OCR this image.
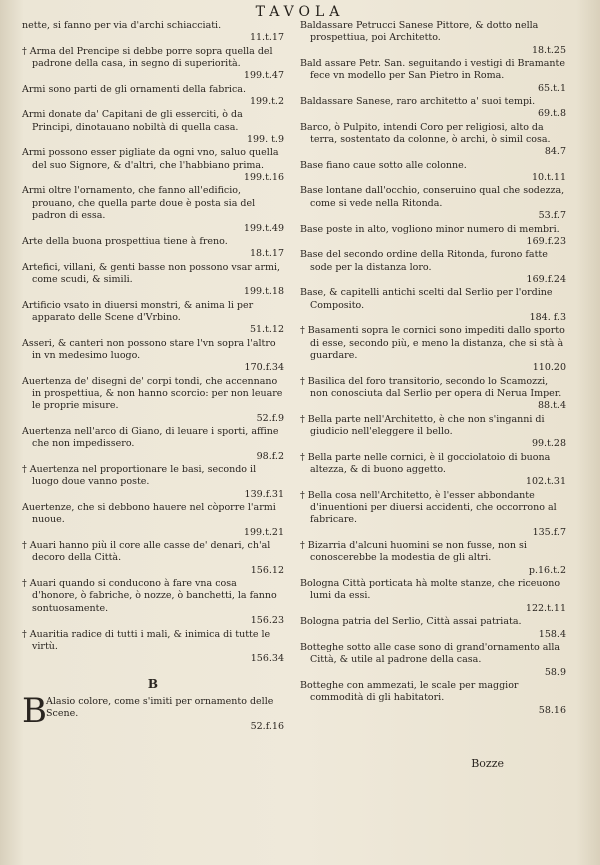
TAVOLA
nette, si fanno per via d'archi schiacciati.
11.t.17
† Arma del Prencipe si debbe porre sopra quella del padrone della casa, in segno di superiorità.
199.t.47
Armi sono parti de gli ornamenti della fabrica.
199.t.2
Armi donate da' Capitani de gli esserciti, ò da Principi, dinotauano nobiltà di quella casa.
199. t.9
Armi possono esser pigliate da ogni vno, saluo quella del suo Signore, & d'altri, che l'habbiano prima.
199.t.16
Armi oltre l'ornamento, che fanno all'edificio, prouano, che quella parte doue è posta sia del padron di essa.
199.t.49
Arte della buona prospettiua tiene à freno.
18.t.17
Artefici, villani, & genti basse non possono vsar armi, come scudi, & simili.
199.t.18
Artificio vsato in diuersi monstri, & anima li per apparato delle Scene d'Vrbino.
51.t.12
Asseri, & canteri non possono stare l'vn sopra l'altro in vn medesimo luogo.
170.f.34
Auertenza de' disegni de' corpi tondi, che accennano in prospettiua, & non hanno scorcio: per non leuare le proprie misure.
52.f.9
Auertenza nell'arco di Giano, di leuare i sporti, affine che non impedissero.
98.f.2
† Auertenza nel proportionare le basi, secondo il luogo doue vanno poste.
139.f.31
Auertenze, che si debbono hauere nel còporre l'armi nuoue.
199.t.21
† Auari hanno più il core alle casse de' denari, ch'al decoro della Città.
156.12
† Auari quando si conducono à fare vna cosa d'honore, ò fabriche, ò nozze, ò banchetti, la fanno sontuosamente.
156.23
† Auaritia radice di tutti i mali, & inimica di tutte le virtù.
156.34
B
B Alasio colore, come s'imiti per ornamento delle Scene.
52.f.16
Baldassare Petrucci Sanese Pittore, & dotto nella prospettiua, poi Architetto.
18.t.25
Bald assare Petr. San. seguitando i vestigi di Bramante fece vn modello per San Pietro in Roma.
65.t.1
Baldassare Sanese, raro architetto a' suoi tempi.
69.t.8
Barco, ò Pulpito, intendi Coro per religiosi, alto da terra, sostentato da colonne, ò archi, ò simil cosa.
84.7
Base fiano caue sotto alle colonne.
10.t.11
Base lontane dall'occhio, conseruino qual che sodezza, come si vede nella Ritonda.
53.f.7
Base poste in alto, vogliono minor numero di membri.
169.f.23
Base del secondo ordine della Ritonda, furono fatte sode per la distanza loro.
169.f.24
Base, & capitelli antichi scelti dal Serlio per l'ordine Composito.
184. f.3
† Basamenti sopra le cornici sono impediti dallo sporto di esse, secondo più, e meno la distanza, che si stà à guardare.
110.20
† Basilica del foro transitorio, secondo lo Scamozzi, non conosciuta dal Serlio per opera di Nerua Imper.
88.t.4
† Bella parte nell'Architetto, è che non s'inganni di giudicio nell'eleggere il bello.
99.t.28
† Bella parte nelle cornici, è il gocciolatoio di buona altezza, & di buono aggetto.
102.t.31
† Bella cosa nell'Architetto, è l'esser abbondante d'inuentioni per diuersi accidenti, che occorrono al fabricare.
135.f.7
† Bizarria d'alcuni huomini se non fusse, non si conoscerebbe la modestia de gli altri.
p.16.t.2
Bologna Città porticata hà molte stanze, che riceuono lumi da essi.
122.t.11
Bologna patria del Serlio, Città assai patriata.
158.4
Botteghe sotto alle case sono di grand'ornamento alla Città, & utile al padrone della casa.
58.9
Botteghe con ammezati, le scale per maggior commodità di gli habitatori.
58.16
Bozze
